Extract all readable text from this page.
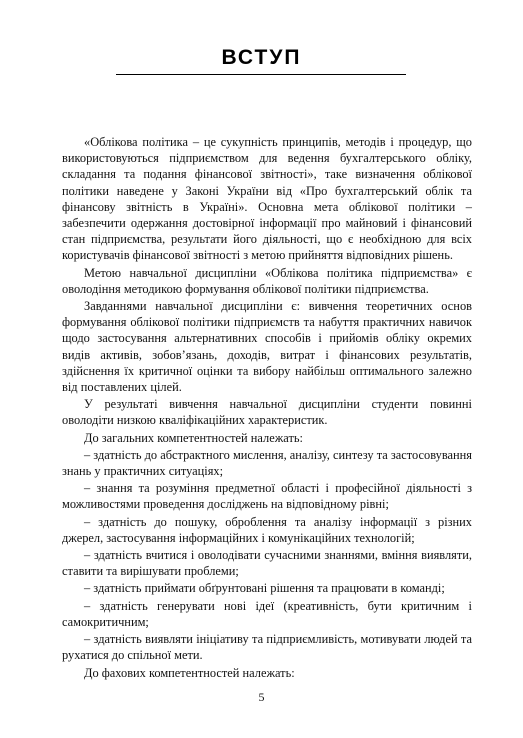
ВСТУП

«Облікова політика – це сукупність принципів, методів і процедур, що використовуються підприємством для ведення бухгалтерського обліку, складання та подання фінансової звітності», таке визначення облікової політики наведене у Законі України від «Про бухгалтерський облік та фінансову звітність в Україні». Основна мета облікової політики – забезпечити одержання достовірної інформації про майновий і фінансовий стан підприємства, результати його діяльності, що є необхідною для всіх користувачів фінансової звітності з метою прийняття відповідних рішень.

Метою навчальної дисципліни «Облікова політика підприємства» є оволодіння методикою формування облікової політики підприємства.

Завданнями навчальної дисципліни є: вивчення теоретичних основ формування облікової політики підприємств та набуття практичних навичок щодо застосування альтернативних способів і прийомів обліку окремих видів активів, зобов’язань, доходів, витрат і фінансових результатів, здійснення їх критичної оцінки та вибору найбільш оптимального залежно від поставлених цілей.

У результаті вивчення навчальної дисципліни студенти повинні оволодіти низкою кваліфікаційних характеристик.

До загальних компетентностей належать:

– здатність до абстрактного мислення, аналізу, синтезу та застосовування знань у практичних ситуаціях;

– знання та розуміння предметної області і професійної діяльності з можливостями проведення досліджень на відповідному рівні;

– здатність до пошуку, оброблення та аналізу інформації з різних джерел, застосування інформаційних і комунікаційних технологій;

– здатність вчитися і оволодівати сучасними знаннями, вміння виявляти, ставити та вирішувати проблеми;

– здатність приймати обґрунтовані рішення та працювати в команді;

– здатність генерувати нові ідеї (креативність, бути критичним і самокритичним;

– здатність виявляти ініціативу та підприємливість, мотивувати людей та рухатися до спільної мети.

До фахових компетентностей належать:

5
